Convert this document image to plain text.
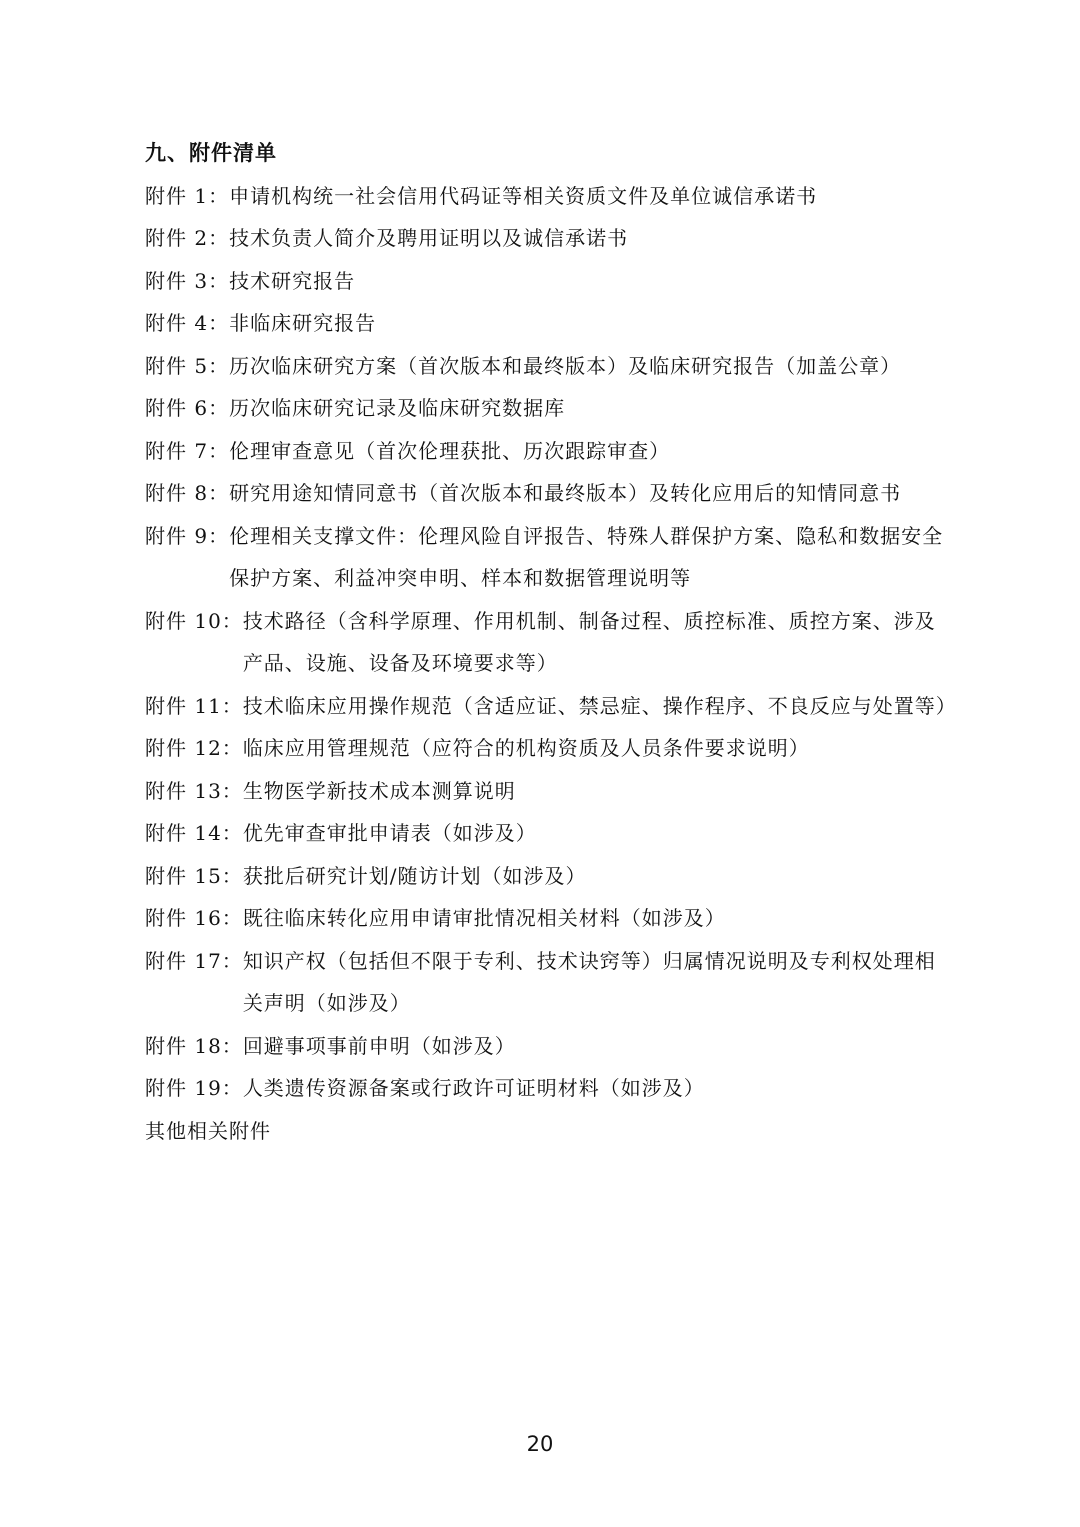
九、附件清单
附件 1： 申请机构统一社会信用代码证等相关资质文件及单位诚信承诺书
附件 2： 技术负责人简介及聘用证明以及诚信承诺书
附件 3： 技术研究报告
附件 4： 非临床研究报告
附件 5： 历次临床研究方案（首次版本和最终版本）及临床研究报告（加盖公章）
附件 6： 历次临床研究记录及临床研究数据库
附件 7： 伦理审查意见（首次伦理获批、历次跟踪审查）
附件 8： 研究用途知情同意书（首次版本和最终版本）及转化应用后的知情同意书
附件 9： 伦理相关支撑文件：伦理风险自评报告、特殊人群保护方案、隐私和数据安全保护方案、利益冲突申明、样本和数据管理说明等
附件 10： 技术路径（含科学原理、作用机制、制备过程、质控标准、质控方案、涉及产品、设施、设备及环境要求等）
附件 11： 技术临床应用操作规范（含适应证、禁忌症、操作程序、不良反应与处置等）
附件 12： 临床应用管理规范（应符合的机构资质及人员条件要求说明）
附件 13： 生物医学新技术成本测算说明
附件 14： 优先审查审批申请表（如涉及）
附件 15： 获批后研究计划/随访计划（如涉及）
附件 16： 既往临床转化应用申请审批情况相关材料（如涉及）
附件 17： 知识产权（包括但不限于专利、技术诀窍等）归属情况说明及专利权处理相关声明（如涉及）
附件 18： 回避事项事前申明（如涉及）
附件 19： 人类遗传资源备案或行政许可证明材料（如涉及）
其他相关附件
20
